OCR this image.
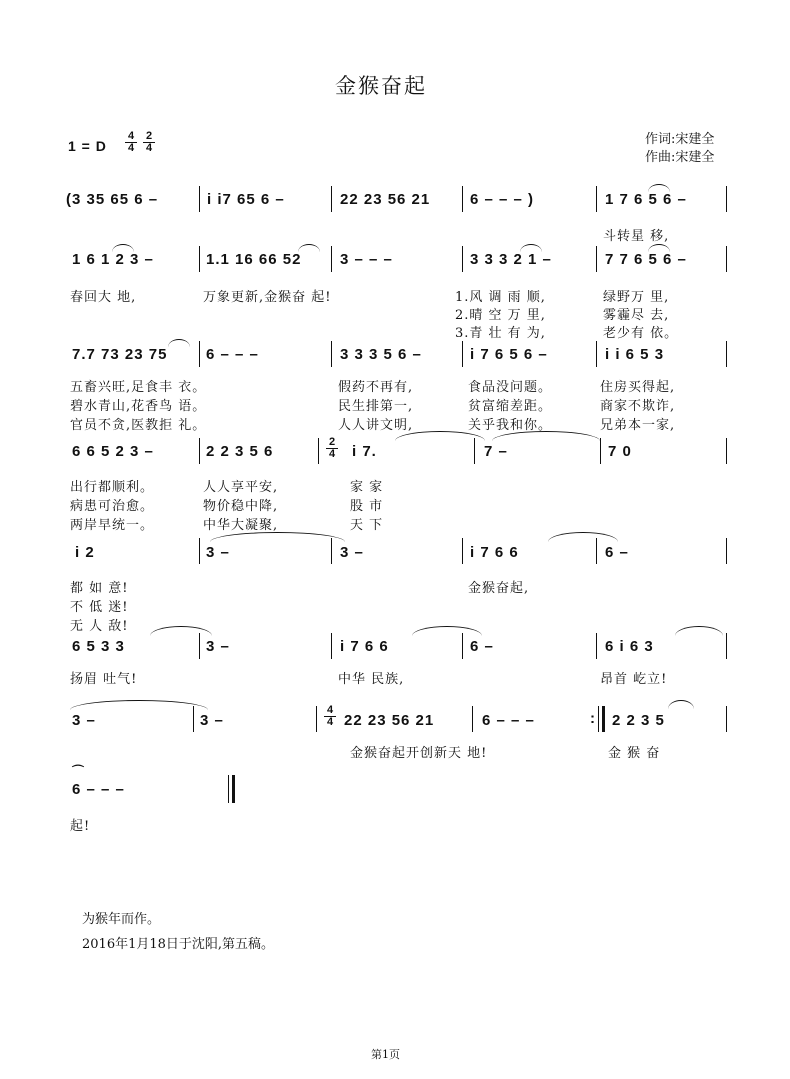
金猴奋起
1 = D $\frac{4}{4} \frac{2}{4}$	作词:宋建全
作曲:宋建全
(3 35 65 6 –	i i7 65 6 –	22 23 56 21	6 – – – )	1 7 6 5 6 –
斗转星 移,
1 6 1 2 3 –	1.1 16 66 52	3 – – –	3 3 3 2 1 –	7 7 6 5 6 –
春回大 地,	万象更新,金猴奋 起!	1.风 调 雨 顺,	绿野万 里,
2.晴 空 万 里,	雾霾尽 去,
3.青 壮 有 为,	老少有 依。
7.7 73 23 75	6 – – –	3 3 3 5 6 –	i 7 6 5 6 –	i i 6 5 3
五畜兴旺,足食丰 衣。	假药不再有,	食品没问题。	住房买得起,
碧水青山,花香鸟 语。	民生排第一,	贫富缩差距。	商家不欺诈,
官员不贪,医教拒 礼。	人人讲文明,	关乎我和你。	兄弟本一家,
6 6 5 2 3 –	2 2 3 5 6	$\frac{2}{4}$ i 7.	7 –	7 0
出行都顺利。	人人享平安,	家 家
病患可治愈。	物价稳中降,	股 市
两岸早统一。	中华大凝聚,	天 下
i 2	3 –	3 –	i 7 6 6	6 –
都 如 意!	金猴奋起,
不 低 迷!
无 人 敌!
6 5 3 3	3 –	i 7 6 6	6 –	6 i 6 3
扬眉 吐气!	中华 民族,	昂首 屹立!
3 –	3 –	$\frac{4}{4} 22$ 23 56 21	6 – – –	: 2 2 3 5
金猴奋起开创新天 地!	金 猴 奋
⌒
6 – – –
起!
为猴年而作。
2016年1月18日于沈阳,第五稿。
第1页
